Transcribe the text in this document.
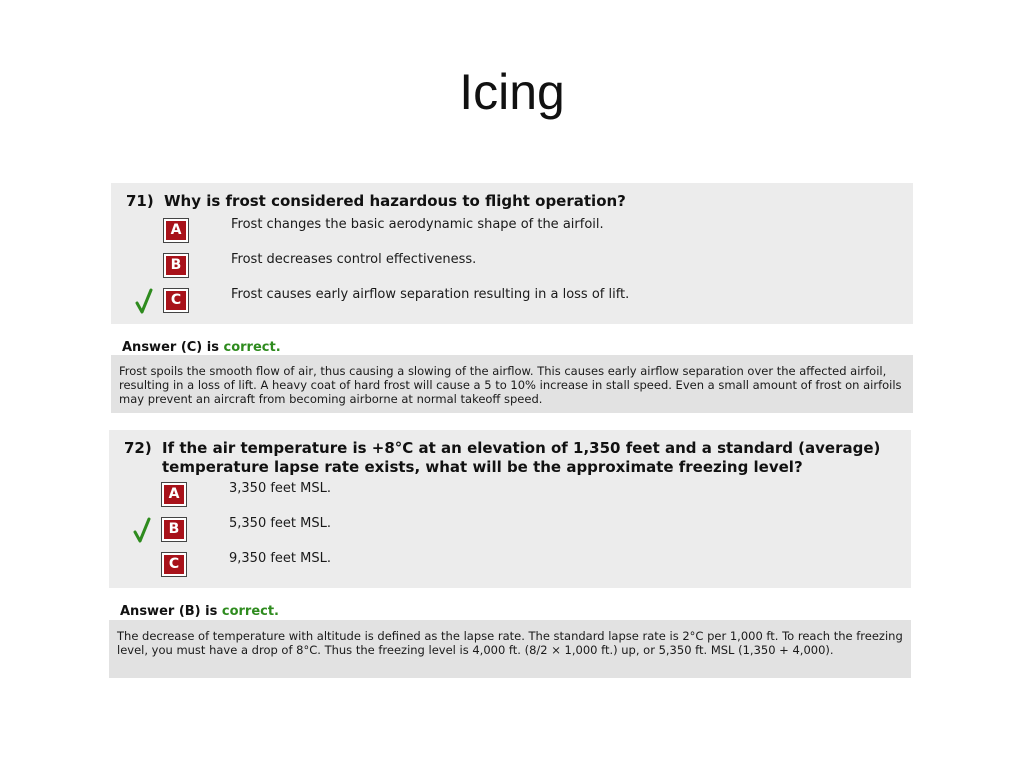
Icing
71) Why is frost considered hazardous to flight operation?
A	Frost changes the basic aerodynamic shape of the airfoil.
B	Frost decreases control effectiveness.
C	Frost causes early airflow separation resulting in a loss of lift.
Answer (C) is correct.
Frost spoils the smooth flow of air, thus causing a slowing of the airflow. This causes early airflow separation over the affected airfoil, resulting in a loss of lift. A heavy coat of hard frost will cause a 5 to 10% increase in stall speed. Even a small amount of frost on airfoils may prevent an aircraft from becoming airborne at normal takeoff speed.
72) If the air temperature is +8°C at an elevation of 1,350 feet and a standard (average) temperature lapse rate exists, what will be the approximate freezing level?
A	3,350 feet MSL.
B	5,350 feet MSL.
C	9,350 feet MSL.
Answer (B) is correct.
The decrease of temperature with altitude is defined as the lapse rate. The standard lapse rate is 2°C per 1,000 ft. To reach the freezing level, you must have a drop of 8°C. Thus the freezing level is 4,000 ft. (8/2 × 1,000 ft.) up, or 5,350 ft. MSL (1,350 + 4,000).
